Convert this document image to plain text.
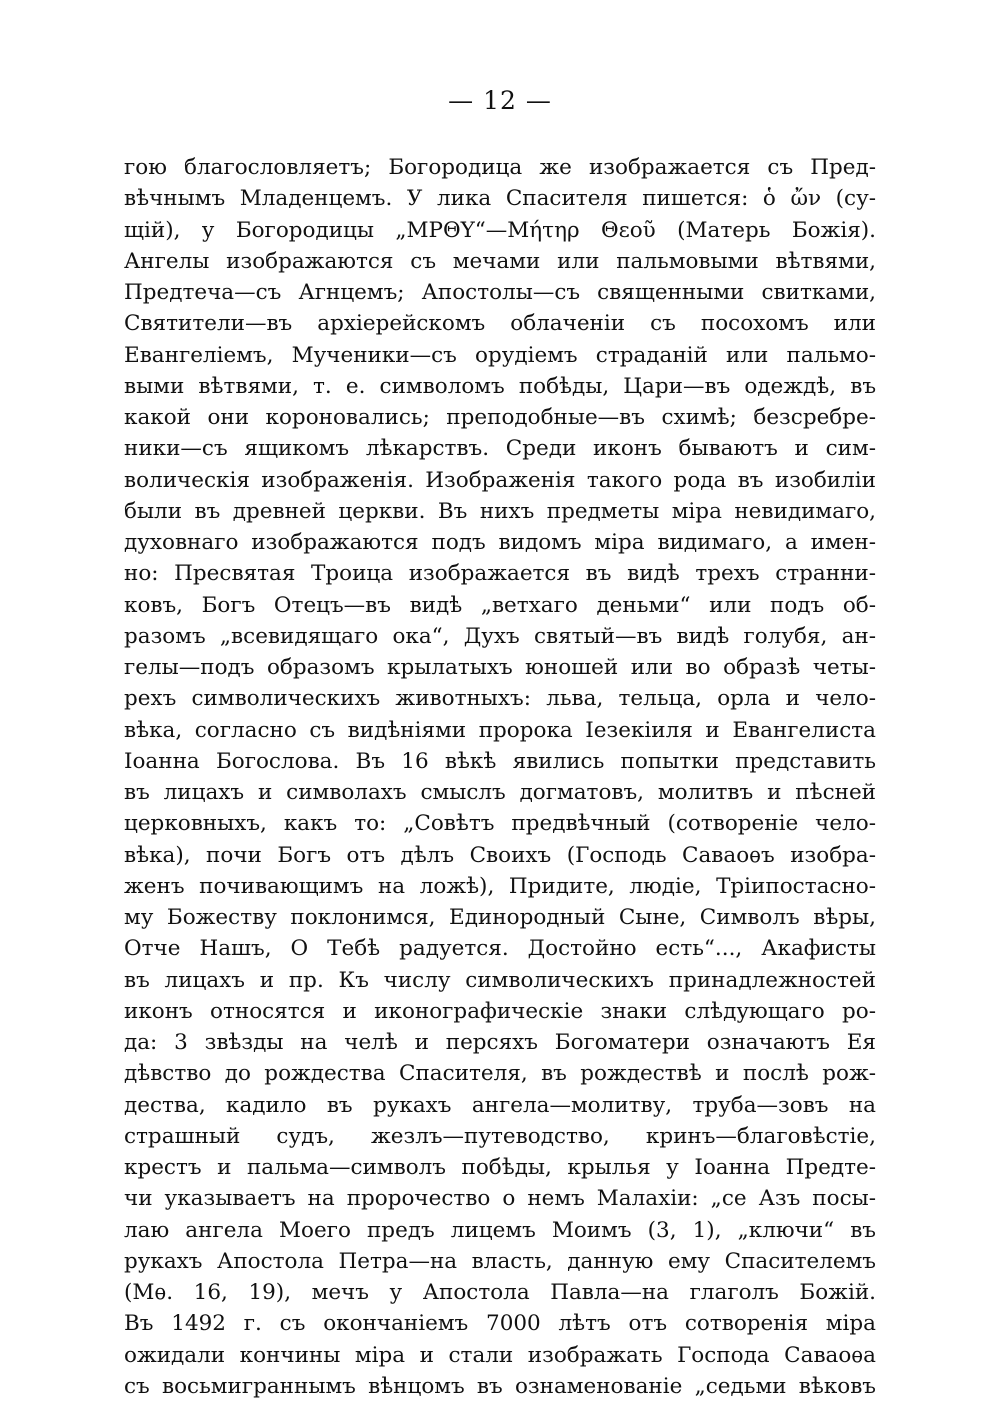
— 12 —
гою благословляетъ; Богородица же изображается съ Пред-
вѣчнымъ Младенцемъ. У лика Спасителя пишется: ὁ ὤν (су-
щій), у Богородицы „ΜΡΘΥ“—Μήτηρ Θεοῦ (Матерь Божія).
Ангелы изображаются съ мечами или пальмовыми вѣтвями,
Предтеча—съ Агнцемъ; Апостолы—съ священными свитками,
Святители—въ архіерейскомъ облаченіи съ посохомъ или
Евангеліемъ, Мученики—съ орудіемъ страданій или пальмо-
выми вѣтвями, т. е. символомъ побѣды, Цари—въ одеждѣ, въ
какой они короновались; преподобные—въ схимѣ; безсребре-
ники—съ ящикомъ лѣкарствъ. Среди иконъ бываютъ и сим-
волическія изображенія. Изображенія такого рода въ изобиліи
были въ древней церкви. Въ нихъ предметы міра невидимаго,
духовнаго изображаются подъ видомъ міра видимаго, а имен-
но: Пресвятая Троица изображается въ видѣ трехъ странни-
ковъ, Богъ Отецъ—въ видѣ „ветхаго деньми“ или подъ об-
разомъ „всевидящаго ока“, Духъ святый—въ видѣ голубя, ан-
гелы—подъ образомъ крылатыхъ юношей или во образѣ четы-
рехъ символическихъ животныхъ: льва, тельца, орла и чело-
вѣка, согласно съ видѣніями пророка Іезекіиля и Евангелиста
Іоанна Богослова. Въ 16 вѣкѣ явились попытки представить
въ лицахъ и символахъ смыслъ догматовъ, молитвъ и пѣсней
церковныхъ, какъ то: „Совѣтъ предвѣчный (сотвореніе чело-
вѣка), почи Богъ отъ дѣлъ Своихъ (Господь Саваоѳъ изобра-
женъ почивающимъ на ложѣ), Придите, людіе, Тріипостасно-
му Божеству поклонимся, Единородный Сыне, Символъ вѣры,
Отче Нашъ, О Тебѣ радуется. Достойно есть“..., Акафисты
въ лицахъ и пр. Къ числу символическихъ принадлежностей
иконъ относятся и иконографическіе знаки слѣдующаго ро-
да: 3 звѣзды на челѣ и персяхъ Богоматери означаютъ Ея
дѣвство до рождества Спасителя, въ рождествѣ и послѣ рож-
дества, кадило въ рукахъ ангела—молитву, труба—зовъ на
страшный судъ, жезлъ—путеводство, кринъ—благовѣстіе,
крестъ и пальма—символъ побѣды, крылья у Іоанна Предте-
чи указываетъ на пророчество о немъ Малахіи: „се Азъ посы-
лаю ангела Моего предъ лицемъ Моимъ (3, 1), „ключи“ въ
рукахъ Апостола Петра—на власть, данную ему Спасителемъ
(Мѳ. 16, 19), мечъ у Апостола Павла—на глаголъ Божій.
Въ 1492 г. съ окончаніемъ 7000 лѣтъ отъ сотворенія міра
ожидали кончины міра и стали изображать Господа Саваоѳа
съ восьмиграннымъ вѣнцомъ въ ознаменованіе „седьми вѣковъ
